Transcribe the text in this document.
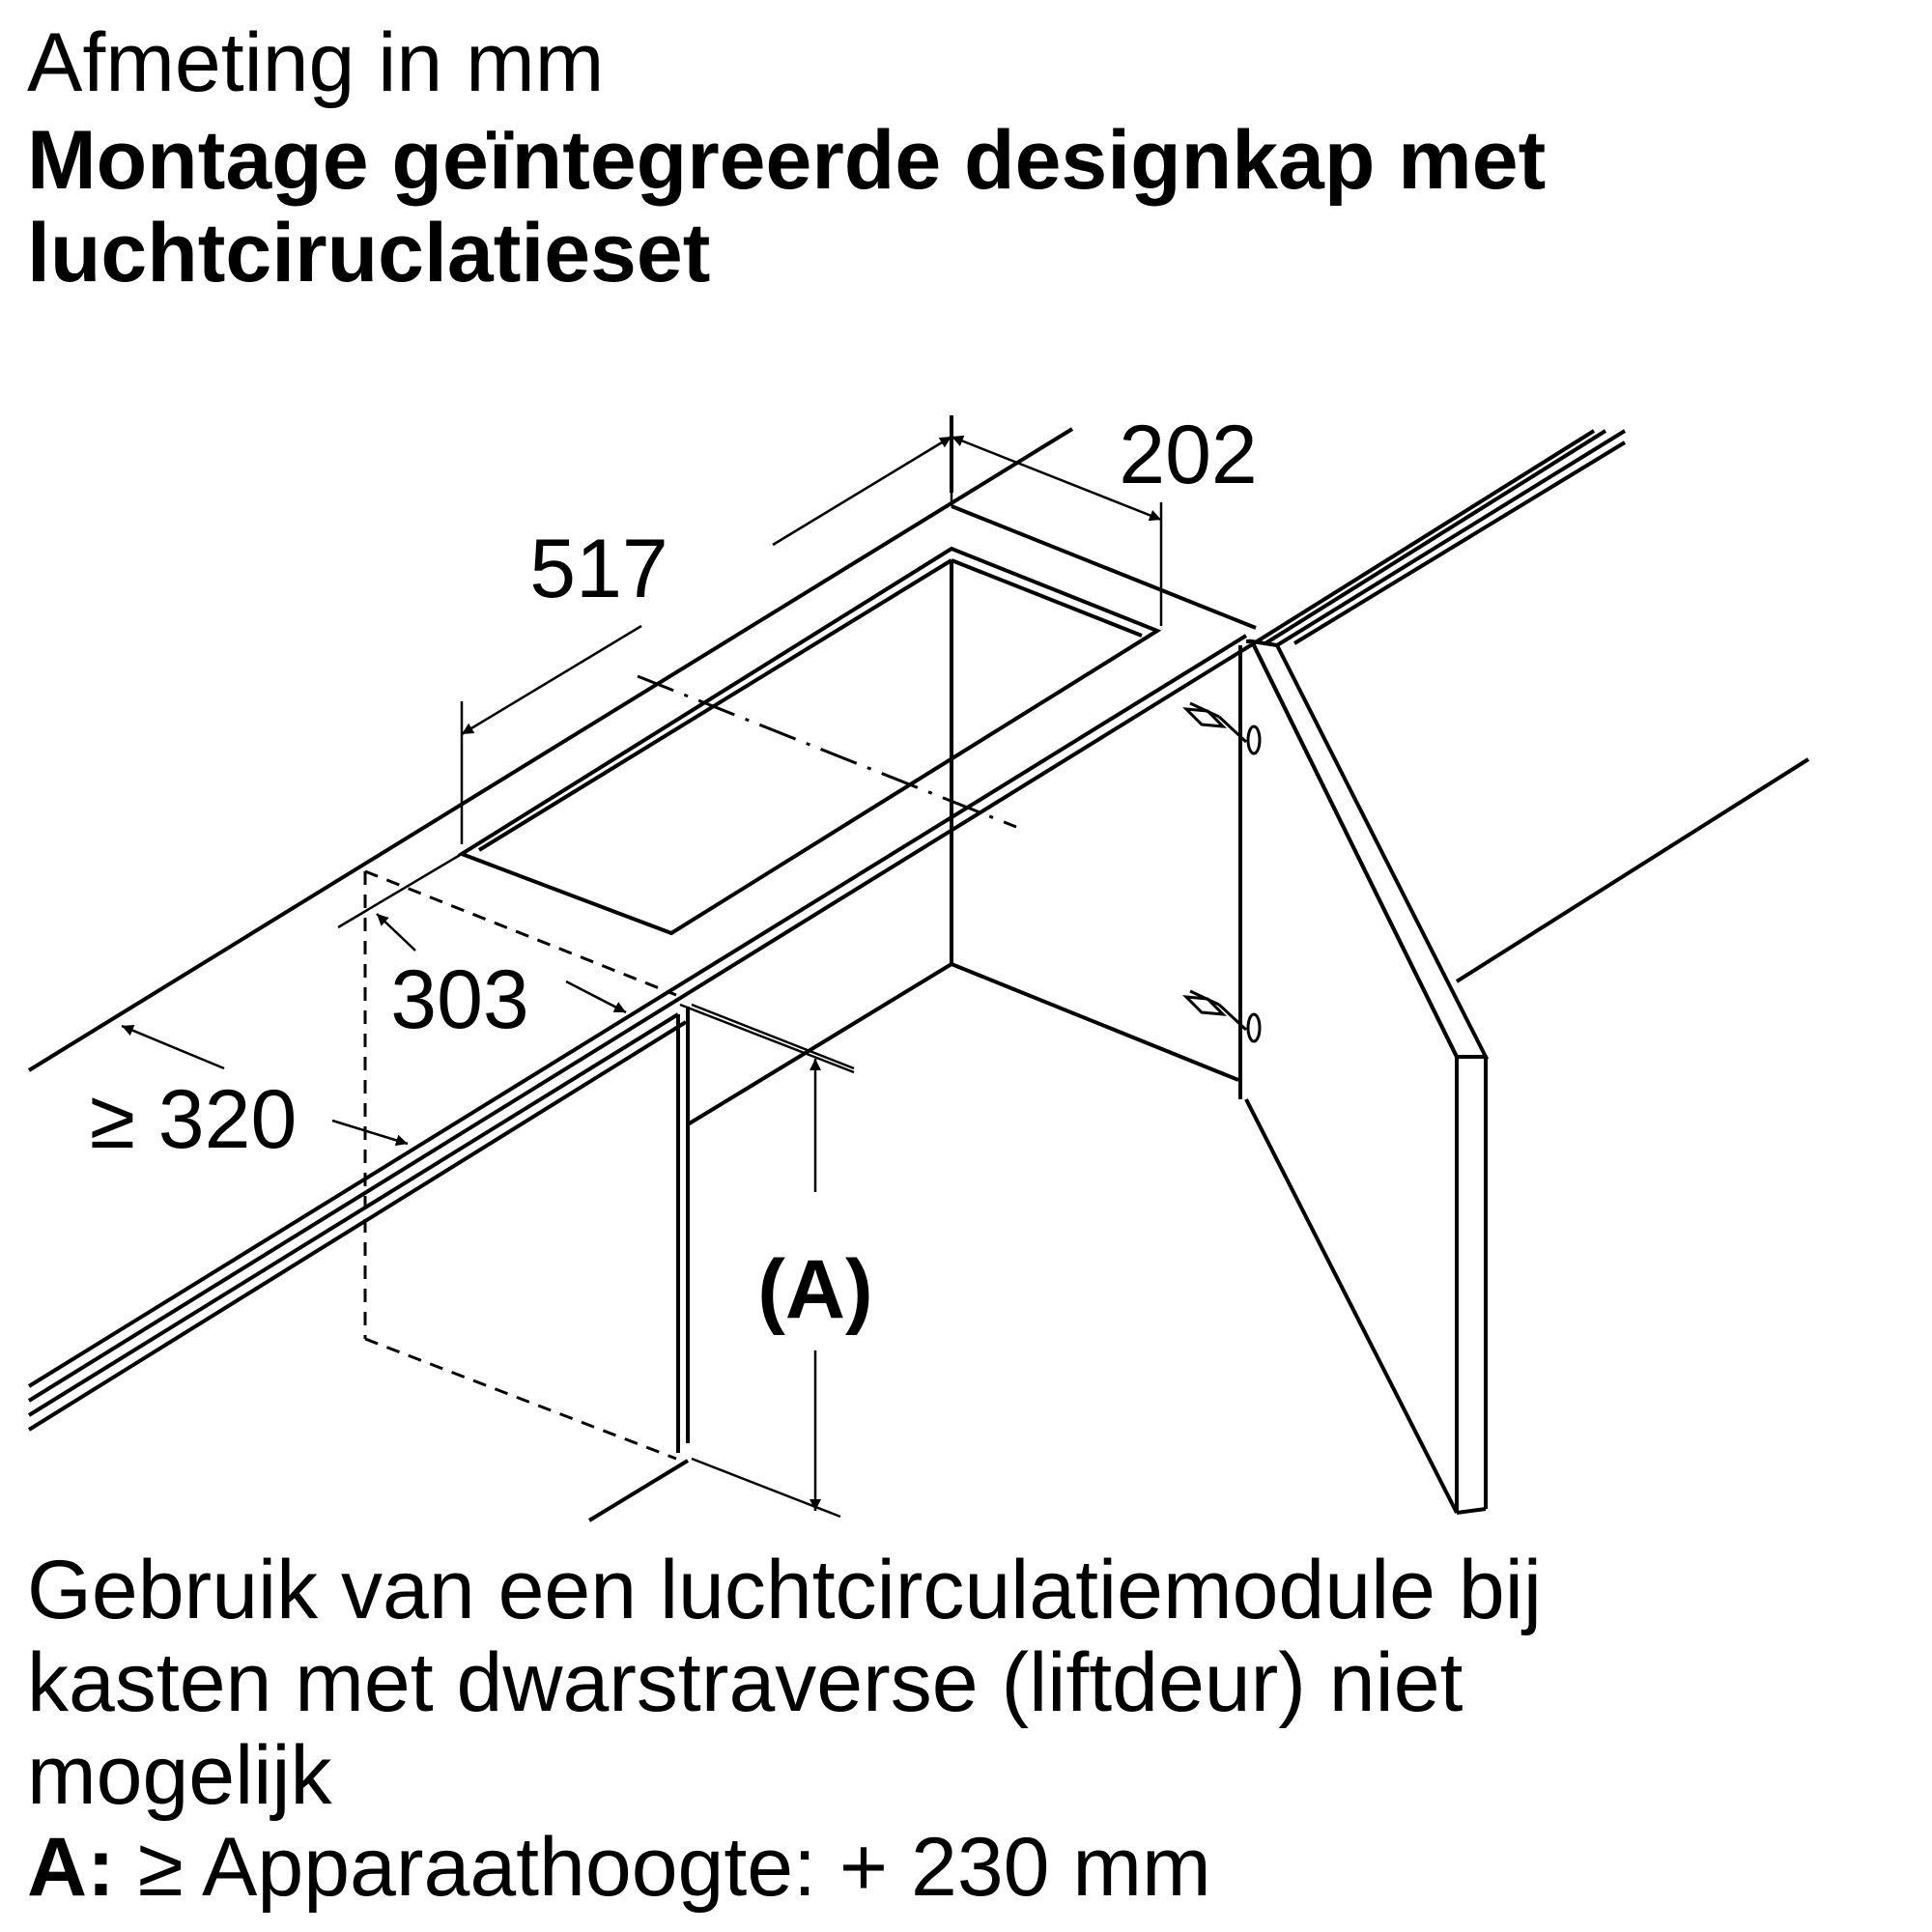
Afmeting in mm
Montage geïntegreerde designkap met
luchtciruclatieset
517
202
303
≥ 320
(A)
Gebruik van een luchtcirculatiemodule bij
kasten met dwarstraverse (liftdeur) niet
mogelijk
A: ≥ Apparaathoogte: + 230 mm
